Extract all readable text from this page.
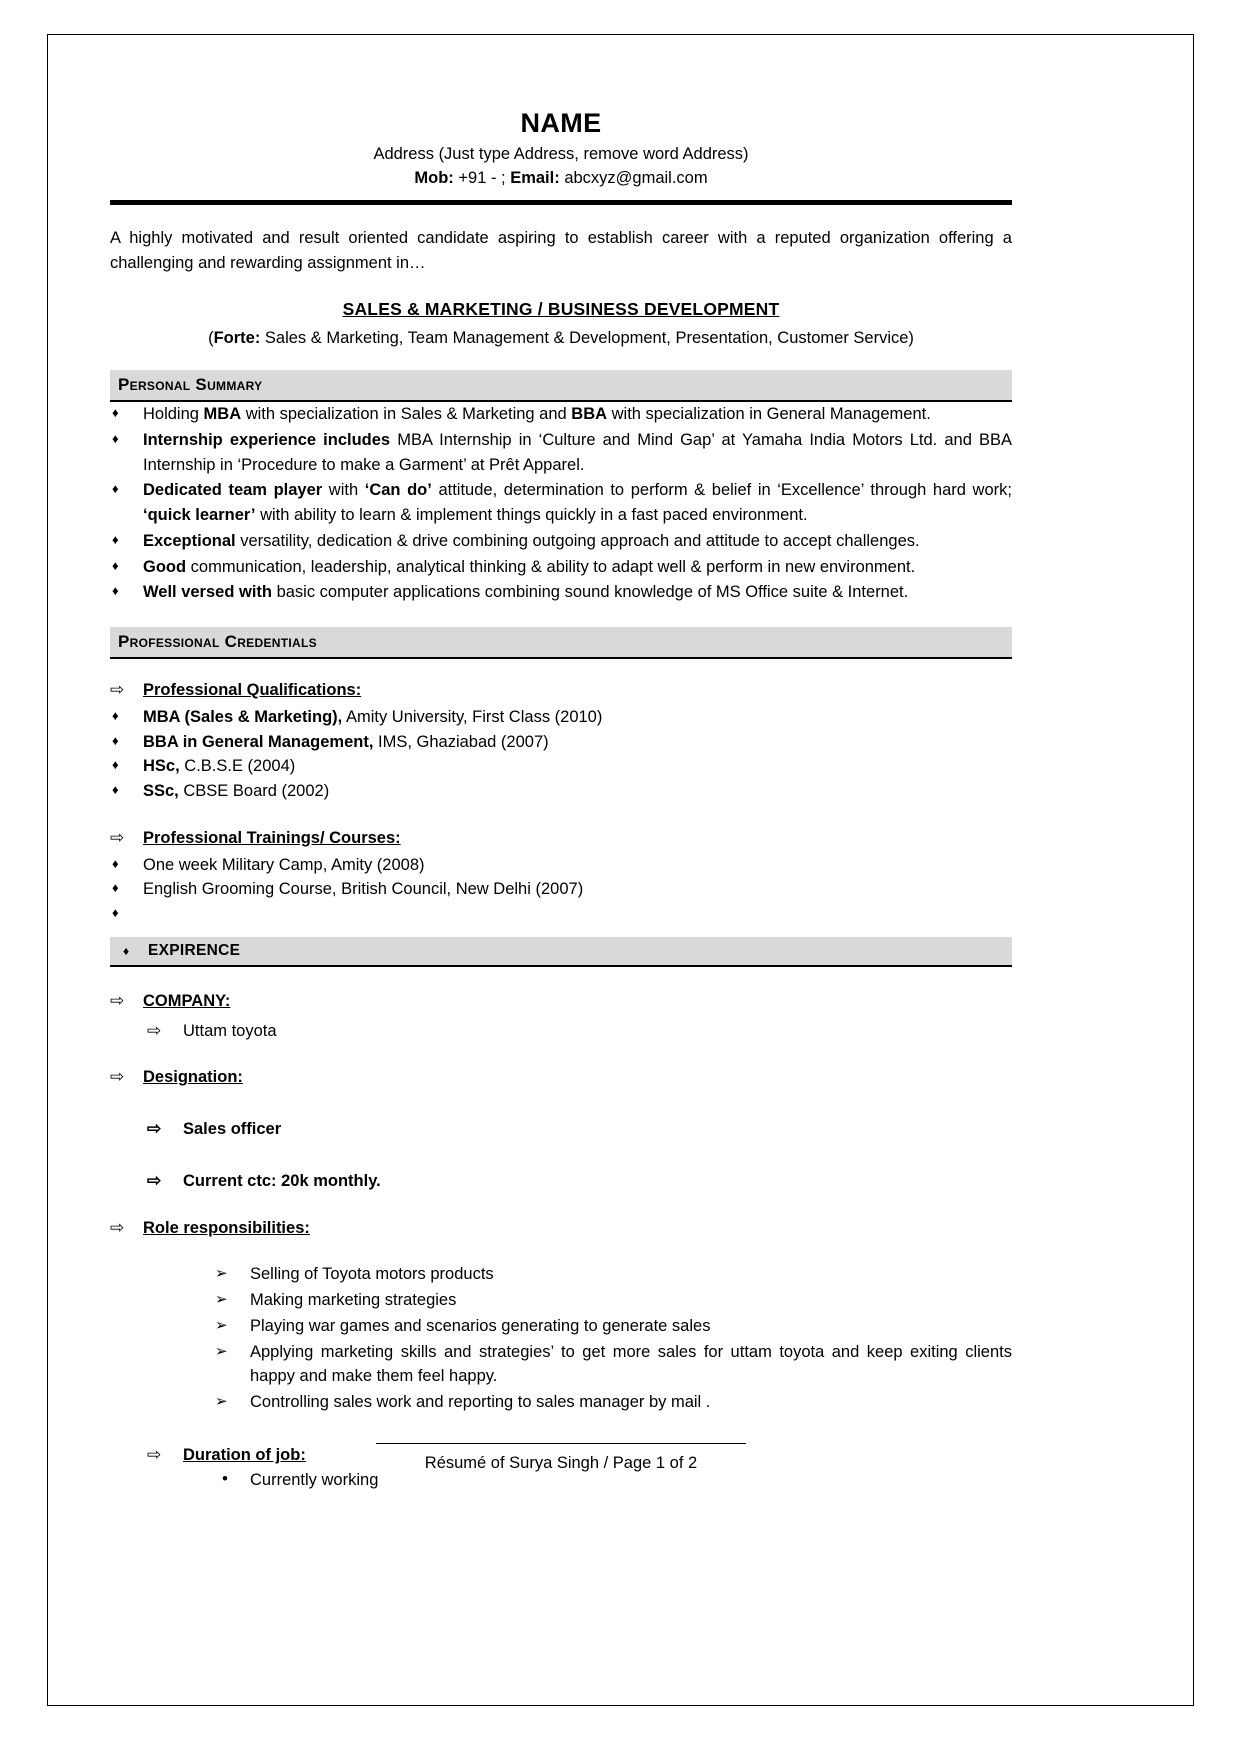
NAME
Address (Just type Address, remove word Address)
Mob: +91 - ; Email: abcxyz@gmail.com
A highly motivated and result oriented candidate aspiring to establish career with a reputed organization offering a challenging and rewarding assignment in…
SALES & MARKETING / BUSINESS DEVELOPMENT
(Forte: Sales & Marketing, Team Management & Development, Presentation, Customer Service)
Personal Summary
♦	Holding MBA with specialization in Sales & Marketing and BBA with specialization in General Management.
♦	Internship experience includes MBA Internship in ‘Culture and Mind Gap’ at Yamaha India Motors Ltd. and BBA Internship in ‘Procedure to make a Garment’ at Prêt Apparel.
♦	Dedicated team player with ‘Can do’ attitude, determination to perform & belief in ‘Excellence’ through hard work; ‘quick learner’ with ability to learn & implement things quickly in a fast paced environment.
♦	Exceptional versatility, dedication & drive combining outgoing approach and attitude to accept challenges.
♦	Good communication, leadership, analytical thinking & ability to adapt well & perform in new environment.
♦	Well versed with basic computer applications combining sound knowledge of MS Office suite & Internet.
Professional Credentials
⇨ Professional Qualifications:
♦ MBA (Sales & Marketing), Amity University, First Class (2010)
♦ BBA in General Management, IMS, Ghaziabad (2007)
♦ HSc, C.B.S.E (2004)
♦ SSc, CBSE Board (2002)
⇨ Professional Trainings/ Courses:
♦ One week Military Camp, Amity (2008)
♦ English Grooming Course, British Council, New Delhi (2007)
♦

♦ EXPIRENCE
⇨ COMPANY:
⇨ Uttam toyota
⇨ Designation:
⇨ Sales officer
⇨ Current ctc: 20k monthly.
⇨ Role responsibilities:
➢ Selling of Toyota motors products
➢ Making marketing strategies
➢ Playing war games and scenarios generating to generate sales
➢ Applying marketing skills and strategies’ to get more sales for uttam toyota and keep exiting clients happy and make them feel happy.
➢ Controlling sales work and reporting to sales manager by mail .
⇨ Duration of job:
• Currently working
Résumé of Surya Singh / Page 1 of 2
